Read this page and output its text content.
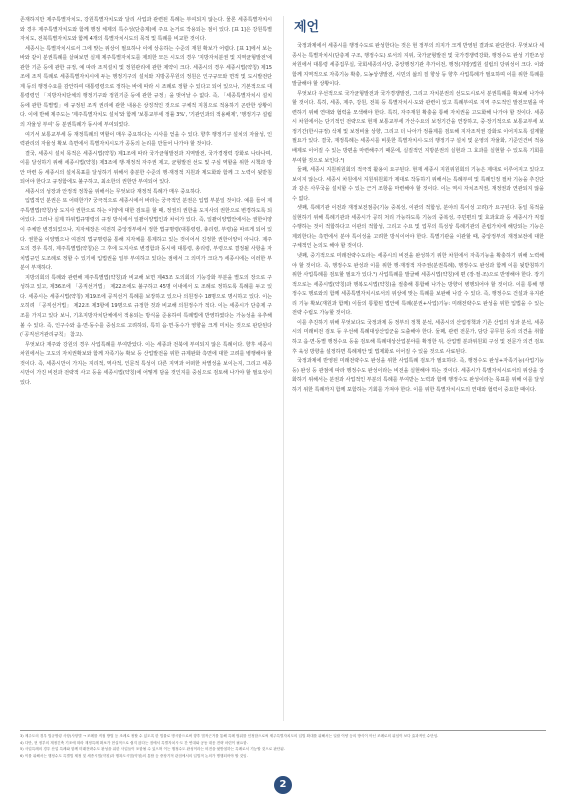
존재하지만 제주특별자치도, 강원특별자치도와 달리 사업과 관련된 특례는 부여되지 않는다. 물론 세종특별자치시와 경우 제주특별자치도와 함께 행정 체제의 특수성(단층제)에 주요 논거로 작용되는 점이 있다. [표 1]은 강원특별자치도, 전북특별자치도와 함께 4개의 특별자치시도의 목적 및 특례를 비교한 것이다.

세종시는 특별자치시로서 그에 맞는 위상이 필요하나 이에 상응하는 수준의 재원 확보가 어렵다. [표 1]에서 보는 바와 같이 분권특례를 살펴보면 실제 제주특별자치도를 제외한 모든 시도의 경우 '지방자치분권 및 지역균형발전'에 관한 기준 등에 관한 규정, 예 따라 조직설치 및 정원관리에 관한 제약이 크다. 세종시의 경우 세종시법(약칭) 제15조에 조직 특례로 세종특별자치시에 두는 행정기구의 설치와 지방공무원의 정원은 인구규모와 면적 및 도시발전단계 등의 행정수요를 감안하여 대통령령으로 정하는 바에 따라 시 조례로 정할 수 있다고 되어 있으나, 기본적으로 대통령령인 「지방자치단체의 행정기구와 정원기준 등에 관한 규정」을 벗어날 수 없다. 즉, 「세종특별자치시 설치 등에 관한 특별법」에 규정된 조직 권리에 관한 내용은 상징적인 것으로 구체적 지침으로 적용하기 곤란한 상황이다. 이에 반해 제주도는 '제주특별자치도 설치'와 함께 '보통교부세 정률 3%', '기관인과의 적용배제', '행정기구 설립의 자율성 부여' 등 분권특례가 동시에 부여되었다.

여기서 보통교부세 등 재정특례의 역할이 매우 중요하다는 시사를 얻을 수 있다. 향후 행정기구 설치의 자율성, 인력관리의 자율성 확보 측면에서 특별자치시도가 공동의 논리를 만들어 나가야 할 것이다.

결국, 세종시 설치 목적은 세종시법(약칭) 제1조에 따라 국가균형발전과 지역발전, 국가경쟁력 강화로 나타나며, 이를 달성하기 위해 세종시법(약칭) 제3조에 행·재정적 자주권 제고, 균형발전 선도 및 구심 역할을 위한 시책과 방안 마련 등 세종시의 설치목표를 달성하기 위해서 충분한 수준의 행·재정적 지원과 제도화와 함께 그 노력이 뒷받침되어야 한다고 규정함에도 불구하고, 최소한의 권한만 부여되어 있다.

세종시의 성장과 안정적 정착을 위해서는 무엇보다 재정적 특례가 매우 중요하다.

입법적인 분권은 또 어떠한가? 궁극적으로 세종시에서 바라는 궁극적인 분권은 입법 부분일 것이다. 예를 들어 제주특별법(약칭)상 도지사 권한으로 하는 이양에 대한 검토를 할 때, 정권의 권한을 도지사의 권한으로 변경하도록 되어있다. 그러나 실제 하위법규명령의 규정 방식에서 일괄이양법인과 차이가 있다. 즉, 일괄이양법안에서는 권한이양이 주체만 변경되었으나, 지자체장은 여전히 중앙정부에서 정한 법규명령(대통령령, 총리령, 부령)을 따르게 되어 있다. 권한을 이양했으나 여전히 법규명령을 통해 지자체를 통제하고 있는 것이어서 진정한 권한이양이 아니다. 제주도의 경우 특히, 제주특별법(약칭)은 그 후에 도지사로 변경함과 동시에 대통령, 총리령, 부령으로 결정될 사항을 자치법규인 도조례로 정할 수 있기에 입법권을 일부 부여하고 있다는 점에서 그 의미가 크다.³) 세종시에는 이러한 부분이 부재하다.

지방의회의 특례와 관련해 제주특별법(약칭)과 비교해 보면 제43조 도의회의 기능강화 부분을 별도의 장으로 구성하고 있고, 제36조에 「공직선거법」 제22조에도 불구하고 45명 이내에서 도 조례로 정하도록 특례를 두고 있다. 세종시는 세종시법(약칭) 제19조에 공직선거 특례를 보장하고 있으나 의원정수 18명으로 명시하고 있다. 이는 오히려 「공직선거법」 제22조 제3항에 19명으로 규정한 것과 비교해 의원정수가 적다. 이는 세종시가 단층제 구조를 가지고 있다 보니, 기초지방자치단체에서 적용되는 방식을 준용하여 특례법에 반영하였다는 가능성을 유추해볼 수 있다. 즉, 인구수와 읍·면·동수를 중심으로 고려하되, 특히 읍·면·동수가 영향을 크게 미치는 것으로 판단된다(「공직선거관리규칙」 참고).

무엇보다 재주와 강원의 경우 사업특례를 부여받았다. 이는 세종과 전북에 부여되지 않은 특례이다. 향후 세종시 차원에서는 고도의 자치권확보와 함께 자족기능 확보 등 산업발전을 위한 규제완화 측면에 대한 고려를 병행해야 할 것이다. 즉, 세종시만이 가지는 지리적, 역사적, 인문적 특성이 다른 지역과 어떠한 차별성을 보이는지, 그리고 세종시만이 가진 비전과 전략적 사고 등을 세종시법(약칭)에 어떻게 담을 것인지를 중심으로 검토해 나가야 할 필요성이 있다.

제언

국정과제에서 세종시를 행정수도로 완성한다는 것은 현 정부의 의지가 크게 반영된 결과로 판단한다. 무엇보다 세종시는 특별자치시(단층제 구조, 행정수도) 로서의 지위, 국가균형발전 및 국가경쟁력강화, 행정수도 완성 기반조성 차원에서 대통령 세종집무실, 국회세종의사당, 중앙행정기관 추가이전, 행정(지방)법원 설립의 당위성이 크다. 이와 함께 지역적으로 자족기능 확충, 도농상생발전, 시민의 삶의 질 향상 등 향후 사업특례가 필요하며 이를 위한 특례를 발굴해야 할 상황이다.

무엇보다 우선적으로 국가균형발전과 국가경쟁발전, 그리고 자치분권의 선도도시로서 분권특례를 확보해 나가야 할 것이다. 특히, 세종, 제주, 강원, 전북 등 특별자치시·도와 관련이 있고 특례부여로 지역 주도적인 발전모델을 마련하기 위해 연대와 협력을 모색해야 한다. 특히, 자주재원 확충을 통해 자치권을 고도화해 나가야 할 것이다. 세종시 차원에서는 단기적인 전략으로 현재 보통교부세 가산수요의 보정기간을 연장하고, 중·장기적으로 보통교부세 보정기간(한시규정) 삭제 및 보정비율 상향, 그리고 더 나아가 정률제를 검토해 지자조직권 강화로 이어지도록 설계할 필요가 있다. 결국, 재정특례는 세종시를 비롯한 특별자치시·도의 행정기구 설치 및 운영의 자율화, 기준인건비 적용배제로 이어질 수 있는 방편을 마련해주기 때문에, 실질적인 지방분권의 실현과 그 효과를 실현할 수 있도록 기회를 부여할 것으로 보인다.⁴)

둘째, 세종시 지원위원회의 적극적 활용이 요구된다. 현재 세종시 지원위원회의 기능은 제대로 이루어지고 있다고 보이지 않는다. 세종시 차원에서 지원위원회가 제대로 작동하기 위해서는 특례부여 및 특례인정 절차 기능을 추진단과 같은 사무국을 설치할 수 있는 근거 조항을 마련해야 할 것이다. 이는 역시 자치조직권, 재정권과 연관되지 않을 수 없다.

셋째, 특례기관 이전과 재정보전점증(기능 중복성, 이관의 적합성, 분야의 특이성 고려)가 요구된다. 동일 목적을 실현하기 위해 특례기관과 세종시가 공히 처리 가능하도록 기능의 중복성, 주민편의 및 효과효과 등 세종시가 직접 수행하는 것이 적합하다고 이관의 적합성, 그리고 수요 및 업무의 특성상 특례기관의 존립가치에 해당되는 기능은 제외한다는 측면에서 분야 특이성을 고려한 방식이어야 한다. 특별기관을 이관할 때, 중앙정부의 재정보전에 대한 구체적인 논의도 해야 할 것이다.

넷째, 중기적으로 미래전략수도라는 세종시의 비전을 완성하기 위한 차원에서 자족기능을 확충하기 위해 노력해야 할 것이다. 즉, 행정수도 완성과 이를 위한 행·재정적 자주권(분권특례), 행정수도 완성과 함께 이를 뒷받침하기 위한 사업특례를 검토할 필요가 있다.⁵) 사업특례를 발굴해 세종시법(약칭)에 편 (장·절·조)으로 반영해야 한다. 장기적으로는 세종시법(약칭)과 행복도시법(약칭)을 절충해 통합해 나가는 방향이 병행되어야 할 것이다. 이를 통해 행정수도 행로와의 함께 세종특별자치시로서의 위상에 맞는 특례를 보완해 나갈 수 있다. 즉, 행정수도 건설과 유지관리 기능 확보(재원과 함께) 이들의 통합된 법안에 특례(분권+사업)기능: 미래전략수도 완성을 위한 입법을 수 있는 전략 수립도 가능할 것이다.

이를 추진하기 위해 무엇보다도 국정과제 등 정부의 정책 분석, 세종시의 산업정책과 기존 산업의 성과 분석, 세종시의 미래비전 검토 등 우선해 특례대상산업군을 도출해야 한다. 둘째, 관련 전문가, 담당 공무원 등의 의견을 취합하고 읍·면·동별 행정수요 등을 검토해 특례대상산업분야를 확정한 뒤, 산업별 분과위원회 구성 및 전문가 의견 검토 후 육성 방향을 설정하면 특례제안 및 법제화로 이어질 수 있을 것으로 사료된다.

국정과제에 반영된 미래전략수도 완성을 위한 사업특례 검토가 필요하다. 즉, 행정수도 완성+자족기능(사업기능 등) 완성 등 관점에 따라 행정수도 완성이라는 비전을 실현해야 하는 것이다. 세종시가 특별자치시로서의 위상을 강화하기 위해서는 분권과 사업적인 부분의 특례를 부여받는 노력과 함께 행정수도 완성이라는 목표를 위해 이를 달성하기 위한 특례까지 함께 포함하는 기회를 가져야 한다. 이를 위한 특별자치시도의 연대와 협력이 중요한 때이다.

3) 제주도의 경우 법규명령 사항(사항별 → 조례를 직접 방법 등 조례로 정할 수 있도록 한 법률로 명시함으로써 향후 법적근거를 통해 특례 범위를 인정함으로써 제주특별자치도의 입법 확대를 위해서는 일괄 이양 등의 방식이 아닌 조례로의 위임이 보다 효과적인 수단임.

4) 다만, 현 정부의 재정긴축 기조에 따라 재정특례 확보가 현실적으로 쉽지 않다는 점에서 특별자치시·도 간 연대와 공동 대응 전략 마련이 필요함.

5) 사업특례의 경우 산업 특례와 함께 미래전략수도 완성을 위한 사업들이 포함될 수 있으며 이는 행정수도 완성이라는 비전을 뒷받침하는 특례로서 기능할 것으로 판단됨.

6) 이를 위해서는 행정수도 특별법 제정 및 세종시법(약칭)과 행복도시법(약칭)의 통합 등 중장기적 관점에서의 입법적 논의가 병행되어야 할 것임.

2
